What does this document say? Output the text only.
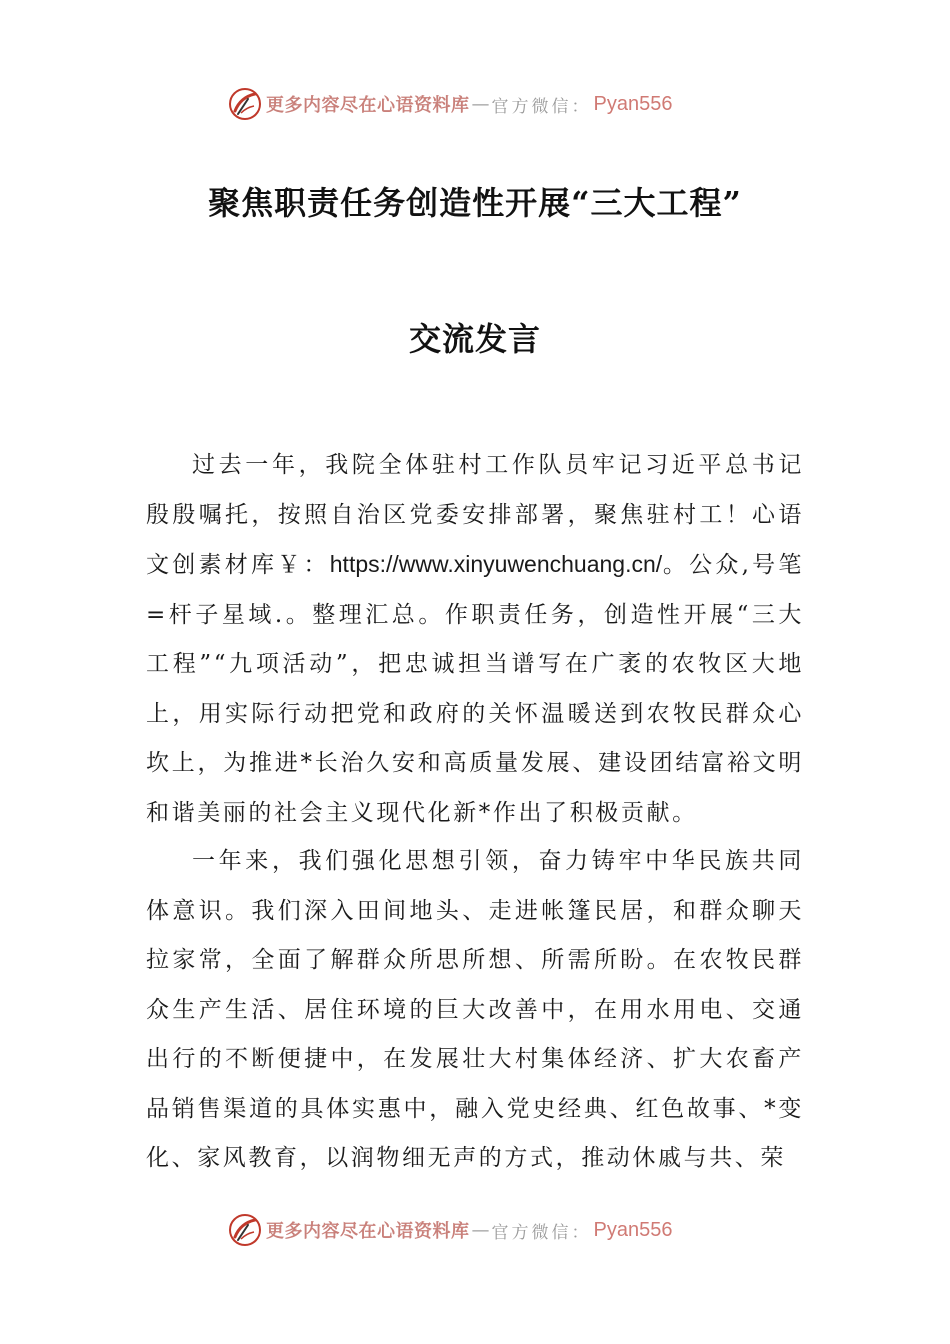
更多内容尽在心语资料库 — 官方微信： Pyan556
聚焦职责任务创造性开展“三大工程”
交流发言

过去一年，我院全体驻村工作队员牢记习近平总书记殷殷嘱托，按照自治区党委安排部署，聚焦驻村工！心语文创素材库￥：https://www.xinyuwenchuang.cn/。公众,号笔=杆子星域.。整理汇总。作职责任务，创造性开展“三大工程”“九项活动”，把忠诚担当谱写在广袤的农牧区大地上，用实际行动把党和政府的关怀温暖送到农牧民群众心坎上，为推进*长治久安和高质量发展、建设团结富裕文明和谐美丽的社会主义现代化新*作出了积极贡献。

一年来，我们强化思想引领，奋力铸牢中华民族共同体意识。我们深入田间地头、走进帐篷民居，和群众聊天拉家常，全面了解群众所思所想、所需所盼。在农牧民群众生产生活、居住环境的巨大改善中，在用水用电、交通出行的不断便捷中，在发展壮大村集体经济、扩大农畜产品销售渠道的具体实惠中，融入党史经典、红色故事、*变化、家风教育，以润物细无声的方式，推动休戚与共、荣

更多内容尽在心语资料库 — 官方微信： Pyan556
